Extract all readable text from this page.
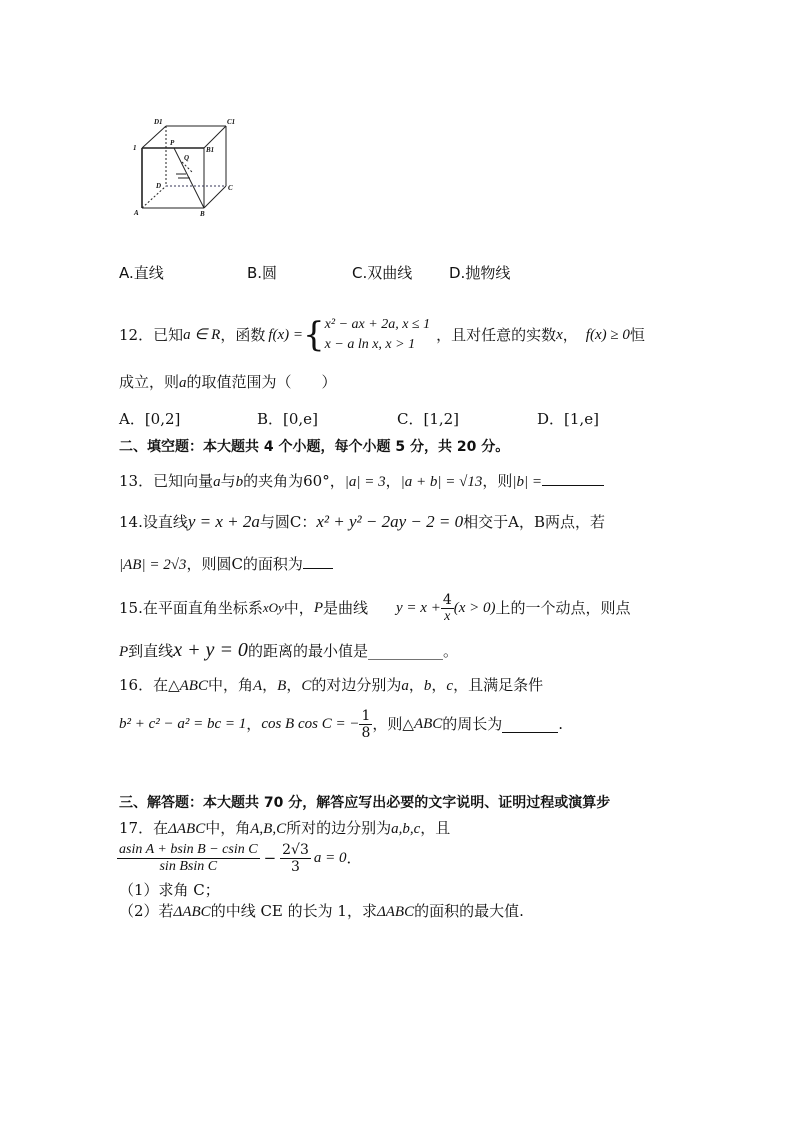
D1	C1
1
P
B1
Q
D	C
A	B
A.直线	B.圆	C.双曲线 D.抛物线
12．已知 a ∈ R ，函数 f(x) = { x² − ax + 2a, x ≤ 1
x − a ln x, x > 1
，且对任意的实数 x ， f(x) ≥ 0 恒
成立，则a的取值范围为（　　）
A．[0,2]	B．[0,e]	C．[1,2]	D．[1,e]
二、填空题：本大题共 4 个小题，每个小题 5 分，共 20 分。
13．已知向量a与b的夹角为60°，|a| = 3，|a + b| = √13，则|b| =
14.设直线y = x + 2a与圆C：x² + y² − 2ay − 2 = 0相交于A，B两点，若
|AB| = 2√3，则圆C的面积为
15.在平面直角坐标系 xOy 中， P 是曲线 $y = x + \frac{4}{x} (x > 0)$ 上的一个动点，则点
P到直线x + y = 0的距离的最小值是__________。
16．在△ABC中，角A，B，C的对边分别为a，b，c，且满足条件
b² + c² − a² = bc = 1 ， cos B cos C = − $\frac{1}{8}$ ，则△ ABC 的周长为	.
三、解答题：本大题共 70 分，解答应写出必要的文字说明、证明过程或演算步
17．在ΔABC中，角A,B,C所对的边分别为a,b,c，且
$\frac{\text{asin A + bsin B − csin C}}{\text{sin Bsin C}} - \frac{2√3}{3}$ a = 0 ．
（1）求角 C；
（2）若ΔABC的中线 CE 的长为 1，求ΔABC的面积的最大值.
